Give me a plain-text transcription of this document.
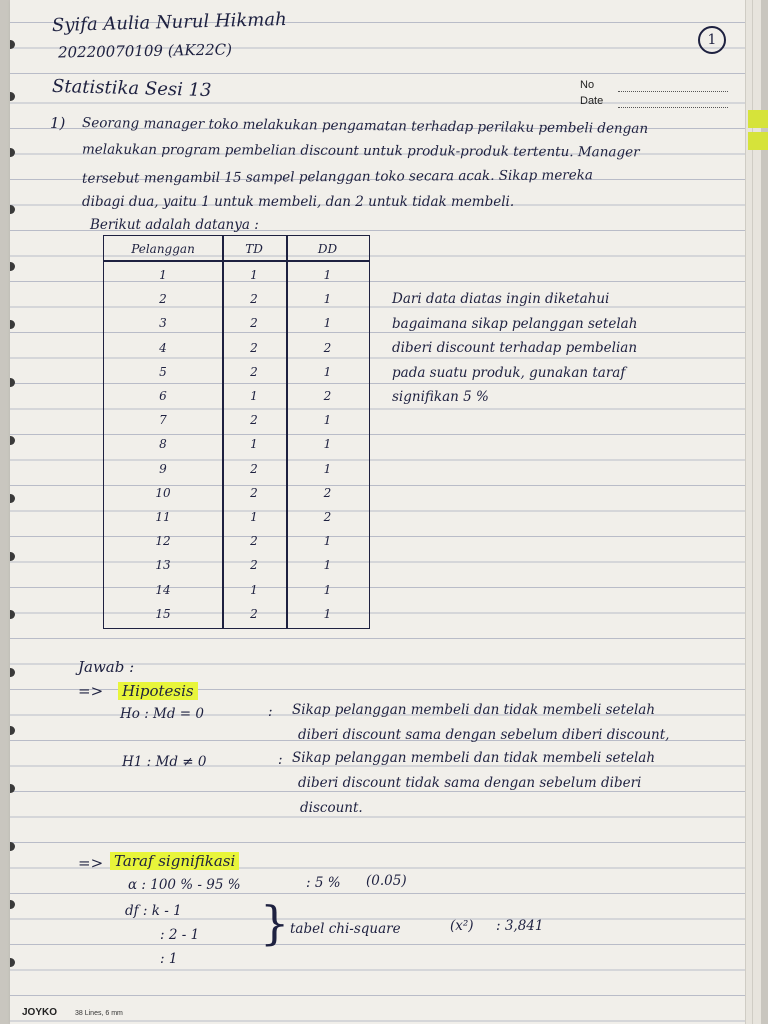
Syifa Aulia Nurul Hikmah
20220070109 (AK22C)
1
Statistika Sesi 13	No
Date
1) Seorang manager toko melakukan pengamatan terhadap perilaku pembeli dengan
melakukan program pembelian discount untuk produk-produk tertentu. Manager
tersebut mengambil 15 sampel pelanggan toko secara acak. Sikap mereka
dibagi dua, yaitu 1 untuk membeli, dan 2 untuk tidak membeli.
Berikut adalah datanya :
Pelanggan	TD	DD
1	1	1
2	2	1
3	2	1
4	2	2
5	2	1
6	1	2
7	2	1
8	1	1
9	2	1
10	2	2
11	1	2
12	2	1
13	2	1
14	1	1
15	2	1
Dari data diatas ingin diketahui
bagaimana sikap pelanggan setelah
diberi discount terhadap pembelian
pada suatu produk, gunakan taraf
signifikan 5 %
Jawab :
=> Hipotesis
Ho : Md = 0	: Sikap pelanggan membeli dan tidak membeli setelah
diberi discount sama dengan sebelum diberi discount,
H1 : Md ≠ 0	: Sikap pelanggan membeli dan tidak membeli setelah
diberi discount tidak sama dengan sebelum diberi
discount.
=> Taraf signifikasi
α : 100 % - 95 %	: 5 % (0.05)
df : k - 1
: 2 - 1
: 1
} tabel chi-square	(x²) : 3,841
JOYKO	38 Lines, 6 mm
